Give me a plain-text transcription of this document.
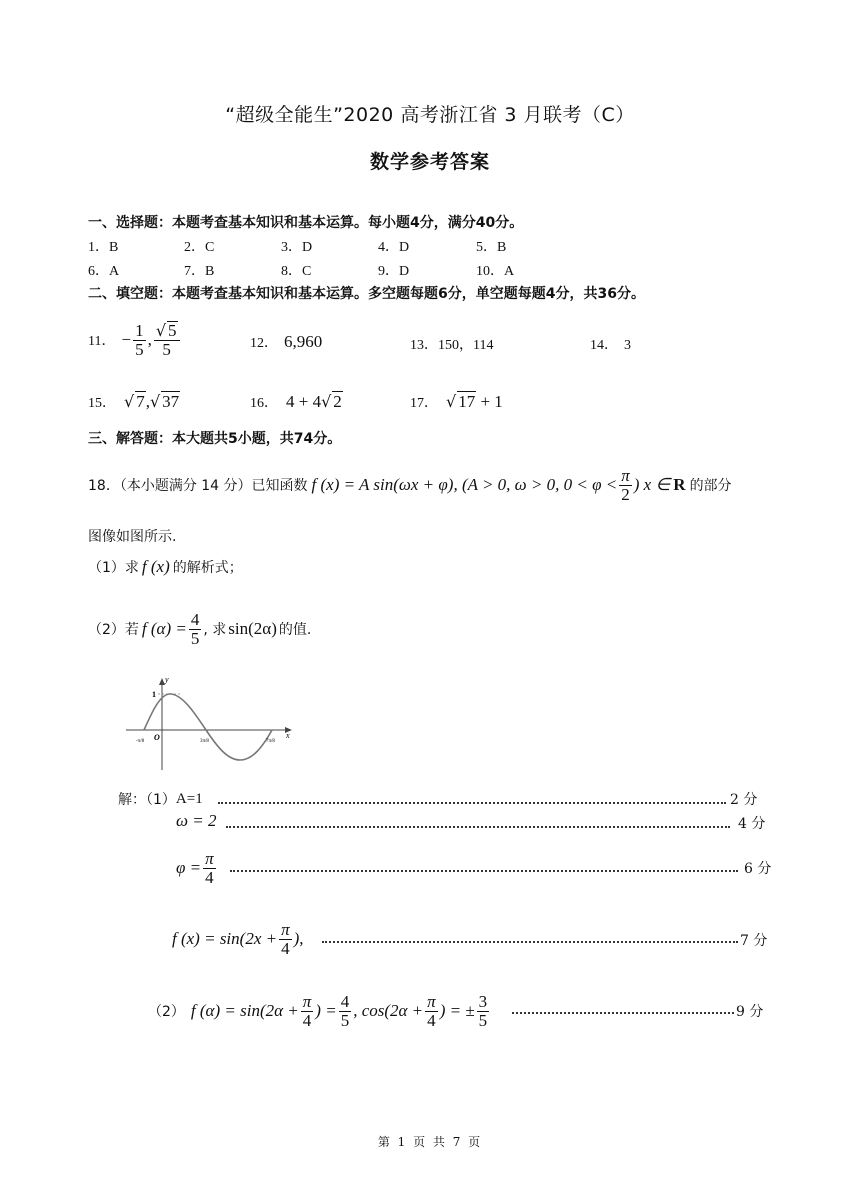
“超级全能生”2020 高考浙江省 3 月联考（C）
数学参考答案
一、选择题：本题考查基本知识和基本运算。每小题4分，满分40分。
1．B	2．C	3．D	4．D	5．B
6．A	7．B	8．C	9．D	10．A
二、填空题：本题考查基本知识和基本运算。多空题每题6分，单空题每题4分，共36分。
11． − $\frac{1}{5}$ , $\frac{√ 5}{5}$	12． 6,960	13．150，114	14． 3
15． √ 7,√ 37	16． 4 + 4√ 2	17． √ 17 + 1
三、解答题：本大题共5小题，共74分。
18．（本小题满分 14 分）已知函数 f (x) = A sin(ωx + φ), (A > 0, ω > 0, $0 < \varphi < \frac{\pi}{2}$ ) x ∈ R 的部分
图像如图所示.
（1）求 f (x) 的解析式；
（2）若 f $(\alpha) = \frac{4}{5}$ , 求 sin(2α) 的值.
y
x
O
1
-π/8	3π/8	7π/8
解：（1） A=1	2 分
ω = 2	4 分
$\varphi = \frac{\pi}{4}$	6 分
f $(x) = \sin(2x + \frac{\pi}{4}$ ),	7 分
（2） f $(\alpha) = \sin(2\alpha + \frac{\pi}{4}$ ) = $\frac{4}{5}$ , $\cos(2\alpha + \frac{\pi}{4}$ ) = ± $\frac{3}{5}$	9 分
第 1 页 共 7 页
